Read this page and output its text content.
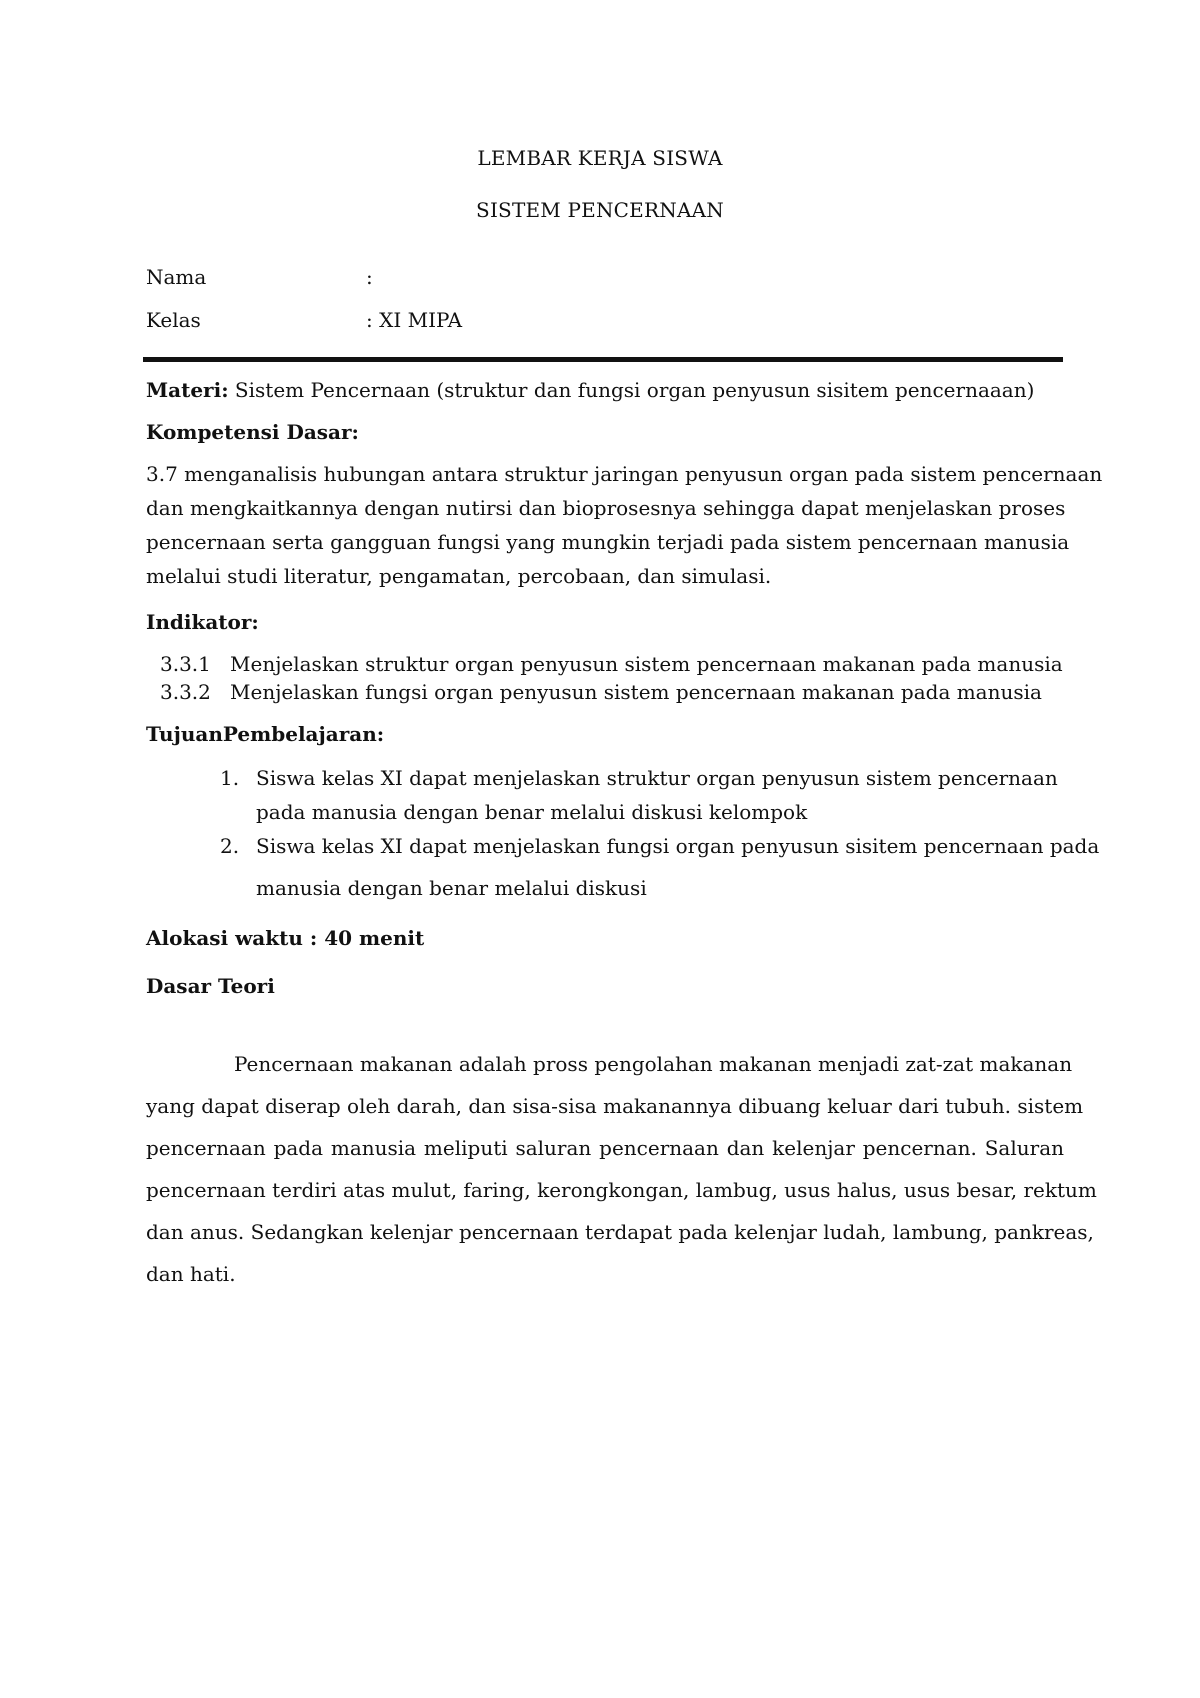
LEMBAR KERJA SISWA
SISTEM PENCERNAAN
Nama	:
Kelas	: XI MIPA
Materi: Sistem Pencernaan (struktur dan fungsi organ penyusun sisitem pencernaaan)
Kompetensi Dasar:
3.7 menganalisis hubungan antara struktur jaringan penyusun organ pada sistem pencernaan
dan mengkaitkannya dengan nutirsi dan bioprosesnya sehingga dapat menjelaskan proses
pencernaan serta gangguan fungsi yang mungkin terjadi pada sistem pencernaan manusia
melalui studi literatur, pengamatan, percobaan, dan simulasi.
Indikator:
3.3.1 Menjelaskan struktur organ penyusun sistem pencernaan makanan pada manusia
3.3.2 Menjelaskan fungsi organ penyusun sistem pencernaan makanan pada manusia
TujuanPembelajaran:
1. Siswa kelas XI dapat menjelaskan struktur organ penyusun sistem pencernaan
pada manusia dengan benar melalui diskusi kelompok
2. Siswa kelas XI dapat menjelaskan fungsi organ penyusun sisitem pencernaan pada
manusia dengan benar melalui diskusi
Alokasi waktu : 40 menit
Dasar Teori
Pencernaan makanan adalah pross pengolahan makanan menjadi zat-zat makanan
yang dapat diserap oleh darah, dan sisa-sisa makanannya dibuang keluar dari tubuh. sistem
pencernaan pada manusia meliputi saluran pencernaan dan kelenjar pencernan. Saluran
pencernaan terdiri atas mulut, faring, kerongkongan, lambug, usus halus, usus besar, rektum
dan anus. Sedangkan kelenjar pencernaan terdapat pada kelenjar ludah, lambung, pankreas,
dan hati.
